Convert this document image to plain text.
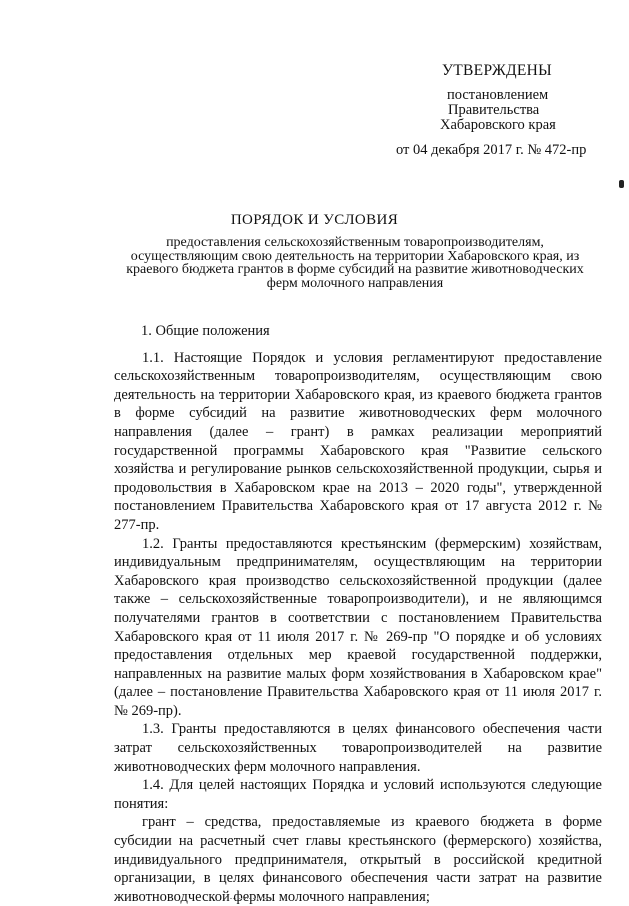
УТВЕРЖДЕНЫ
постановлением
Правительства
Хабаровского края
от 04 декабря 2017 г. № 472-пр
ПОРЯДОК И УСЛОВИЯ
предоставления сельскохозяйственным товаропроизводителям, осуществляющим свою деятельность на территории Хабаровского края, из краевого бюджета грантов в форме субсидий на развитие животноводческих ферм молочного направления

1. Общие положения

1.1. Настоящие Порядок и условия регламентируют предоставление сельскохозяйственным товаропроизводителям, осуществляющим свою деятельность на территории Хабаровского края, из краевого бюджета грантов в форме субсидий на развитие животноводческих ферм молочного направления (далее – грант) в рамках реализации мероприятий государственной программы Хабаровского края "Развитие сельского хозяйства и регулирование рынков сельскохозяйственной продукции, сырья и продовольствия в Хабаровском крае на 2013 – 2020 годы", утвержденной постановлением Правительства Хабаровского края от 17 августа 2012 г. № 277-пр.

1.2. Гранты предоставляются крестьянским (фермерским) хозяйствам, индивидуальным предпринимателям, осуществляющим на территории Хабаровского края производство сельскохозяйственной продукции (далее также – сельскохозяйственные товаропроизводители), и не являющимся получателями грантов в соответствии с постановлением Правительства Хабаровского края от 11 июля 2017 г. № 269-пр "О порядке и об условиях предоставления отдельных мер краевой государственной поддержки, направленных на развитие малых форм хозяйствования в Хабаровском крае" (далее – постановление Правительства Хабаровского края от 11 июля 2017 г. № 269-пр).

1.3. Гранты предоставляются в целях финансового обеспечения части затрат сельскохозяйственных товаропроизводителей на развитие животноводческих ферм молочного направления.

1.4. Для целей настоящих Порядка и условий используются следующие понятия:

грант – средства, предоставляемые из краевого бюджета в форме субсидии на расчетный счет главы крестьянского (фермерского) хозяйства, индивидуального предпринимателя, открытый в российской кредитной организации, в целях финансового обеспечения части затрат на развитие животноводческой фермы молочного направления;
